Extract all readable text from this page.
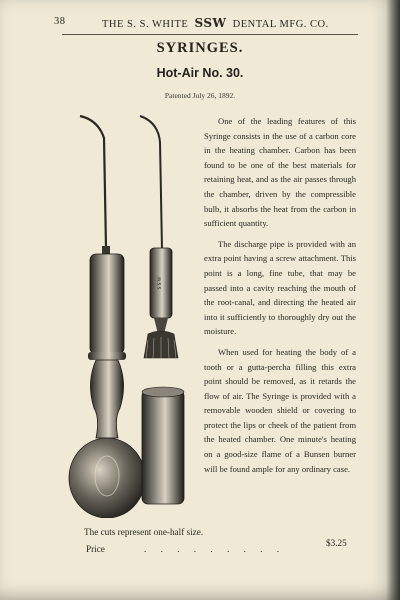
38	THE S. S. WHITE SSW DENTAL MFG. CO.
SYRINGES.
Hot-Air No. 30.
Patented July 26, 1892.
S S W

One of the leading features of this Syringe consists in the use of a carbon core in the heating chamber. Carbon has been found to be one of the best materials for retaining heat, and as the air passes through the chamber, driven by the compressible bulb, it absorbs the heat from the carbon in sufficient quantity.

The discharge pipe is provided with an extra point having a screw attachment. This point is a long, fine tube, that may be passed into a cavity reaching the mouth of the root-canal, and directing the heated air into it sufficiently to thoroughly dry out the moisture.

When used for heating the body of a tooth or a gutta-percha filling this extra point should be removed, as it retards the flow of air. The Syringe is provided with a removable wooden shield or covering to protect the lips or cheek of the patient from the heated chamber. One minute's heating on a good-size flame of a Bunsen burner will be found ample for any ordinary case.

The cuts represent one-half size.
Price	. . . . . . . . .
$3.25
